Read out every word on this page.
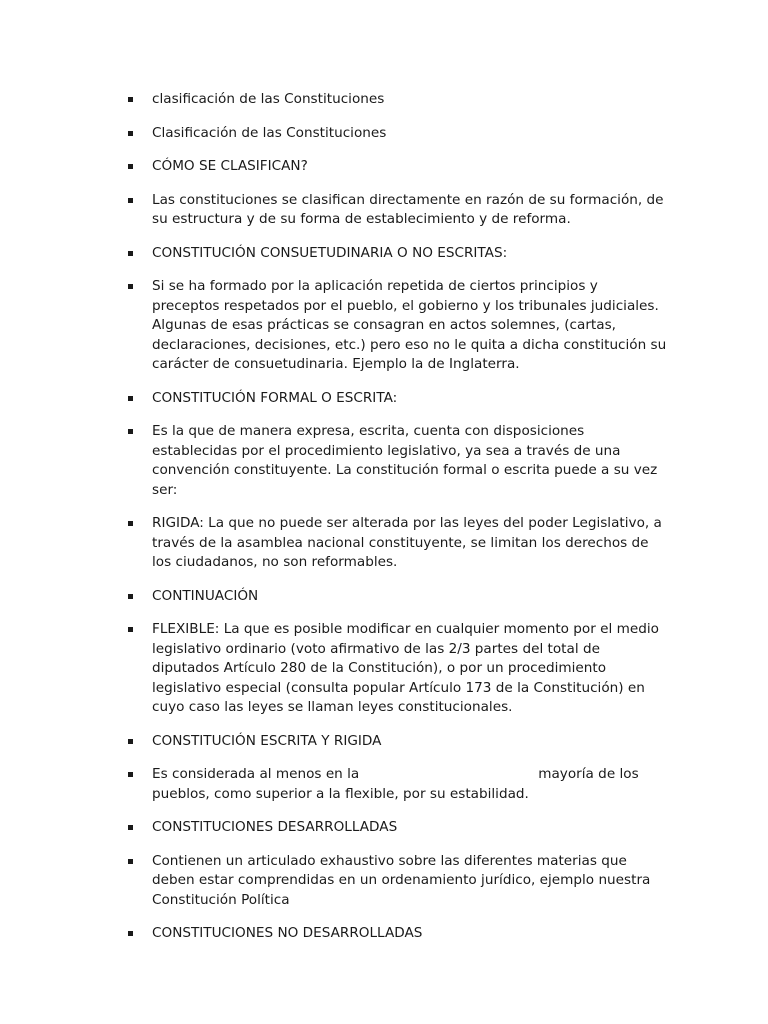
clasificación de las Constituciones
Clasificación de las Constituciones
CÓMO SE CLASIFICAN?
Las constituciones se clasifican directamente en razón de su formación, de su estructura y de su forma de establecimiento y de reforma.
CONSTITUCIÓN CONSUETUDINARIA O NO ESCRITAS:
Si se ha formado por la aplicación repetida de ciertos principios y preceptos respetados por el pueblo, el gobierno y los tribunales judiciales. Algunas de esas prácticas se consagran en actos solemnes, (cartas, declaraciones, decisiones, etc.) pero eso no le quita a dicha constitución su carácter de consuetudinaria. Ejemplo la de Inglaterra.
CONSTITUCIÓN FORMAL O ESCRITA:
Es la que de manera expresa, escrita, cuenta con disposiciones establecidas por el procedimiento legislativo, ya sea a través de una convención constituyente. La constitución formal o escrita puede a su vez ser:
RIGIDA: La que no puede ser alterada por las leyes del poder Legislativo, a través de la asamblea nacional constituyente, se limitan los derechos de los ciudadanos, no son reformables.
CONTINUACIÓN
FLEXIBLE: La que es posible modificar en cualquier momento por el medio legislativo ordinario (voto afirmativo de las 2/3 partes del total de diputados Artículo 280 de la Constitución), o por un procedimiento legislativo especial (consulta popular Artículo 173 de la Constitución) en cuyo caso las leyes se llaman leyes constitucionales.
CONSTITUCIÓN ESCRITA Y RIGIDA
Es considerada al menos en la	mayoría de los pueblos, como superior a la flexible, por su estabilidad.
CONSTITUCIONES DESARROLLADAS
Contienen un articulado exhaustivo sobre las diferentes materias que deben estar comprendidas en un ordenamiento jurídico, ejemplo nuestra Constitución Política
CONSTITUCIONES NO DESARROLLADAS
